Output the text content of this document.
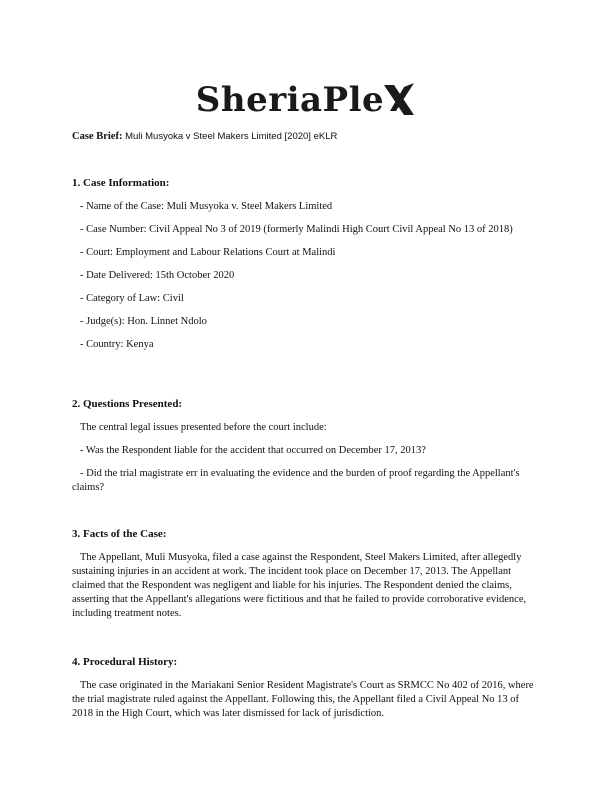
SheriaPle
Case Brief: Muli Musyoka v Steel Makers Limited [2020] eKLR
1. Case Information:
- Name of the Case: Muli Musyoka v. Steel Makers Limited
- Case Number: Civil Appeal No 3 of 2019 (formerly Malindi High Court Civil Appeal No 13 of 2018)
- Court: Employment and Labour Relations Court at Malindi
- Date Delivered: 15th October 2020
- Category of Law: Civil
- Judge(s): Hon. Linnet Ndolo
- Country: Kenya
2. Questions Presented:
The central legal issues presented before the court include:
- Was the Respondent liable for the accident that occurred on December 17, 2013?
- Did the trial magistrate err in evaluating the evidence and the burden of proof regarding the Appellant's claims?
3. Facts of the Case:
The Appellant, Muli Musyoka, filed a case against the Respondent, Steel Makers Limited, after allegedly sustaining injuries in an accident at work. The incident took place on December 17, 2013. The Appellant claimed that the Respondent was negligent and liable for his injuries. The Respondent denied the claims, asserting that the Appellant's allegations were fictitious and that he failed to provide corroborative evidence, including treatment notes.
4. Procedural History:
The case originated in the Mariakani Senior Resident Magistrate's Court as SRMCC No 402 of 2016, where the trial magistrate ruled against the Appellant. Following this, the Appellant filed a Civil Appeal No 13 of 2018 in the High Court, which was later dismissed for lack of jurisdiction.
